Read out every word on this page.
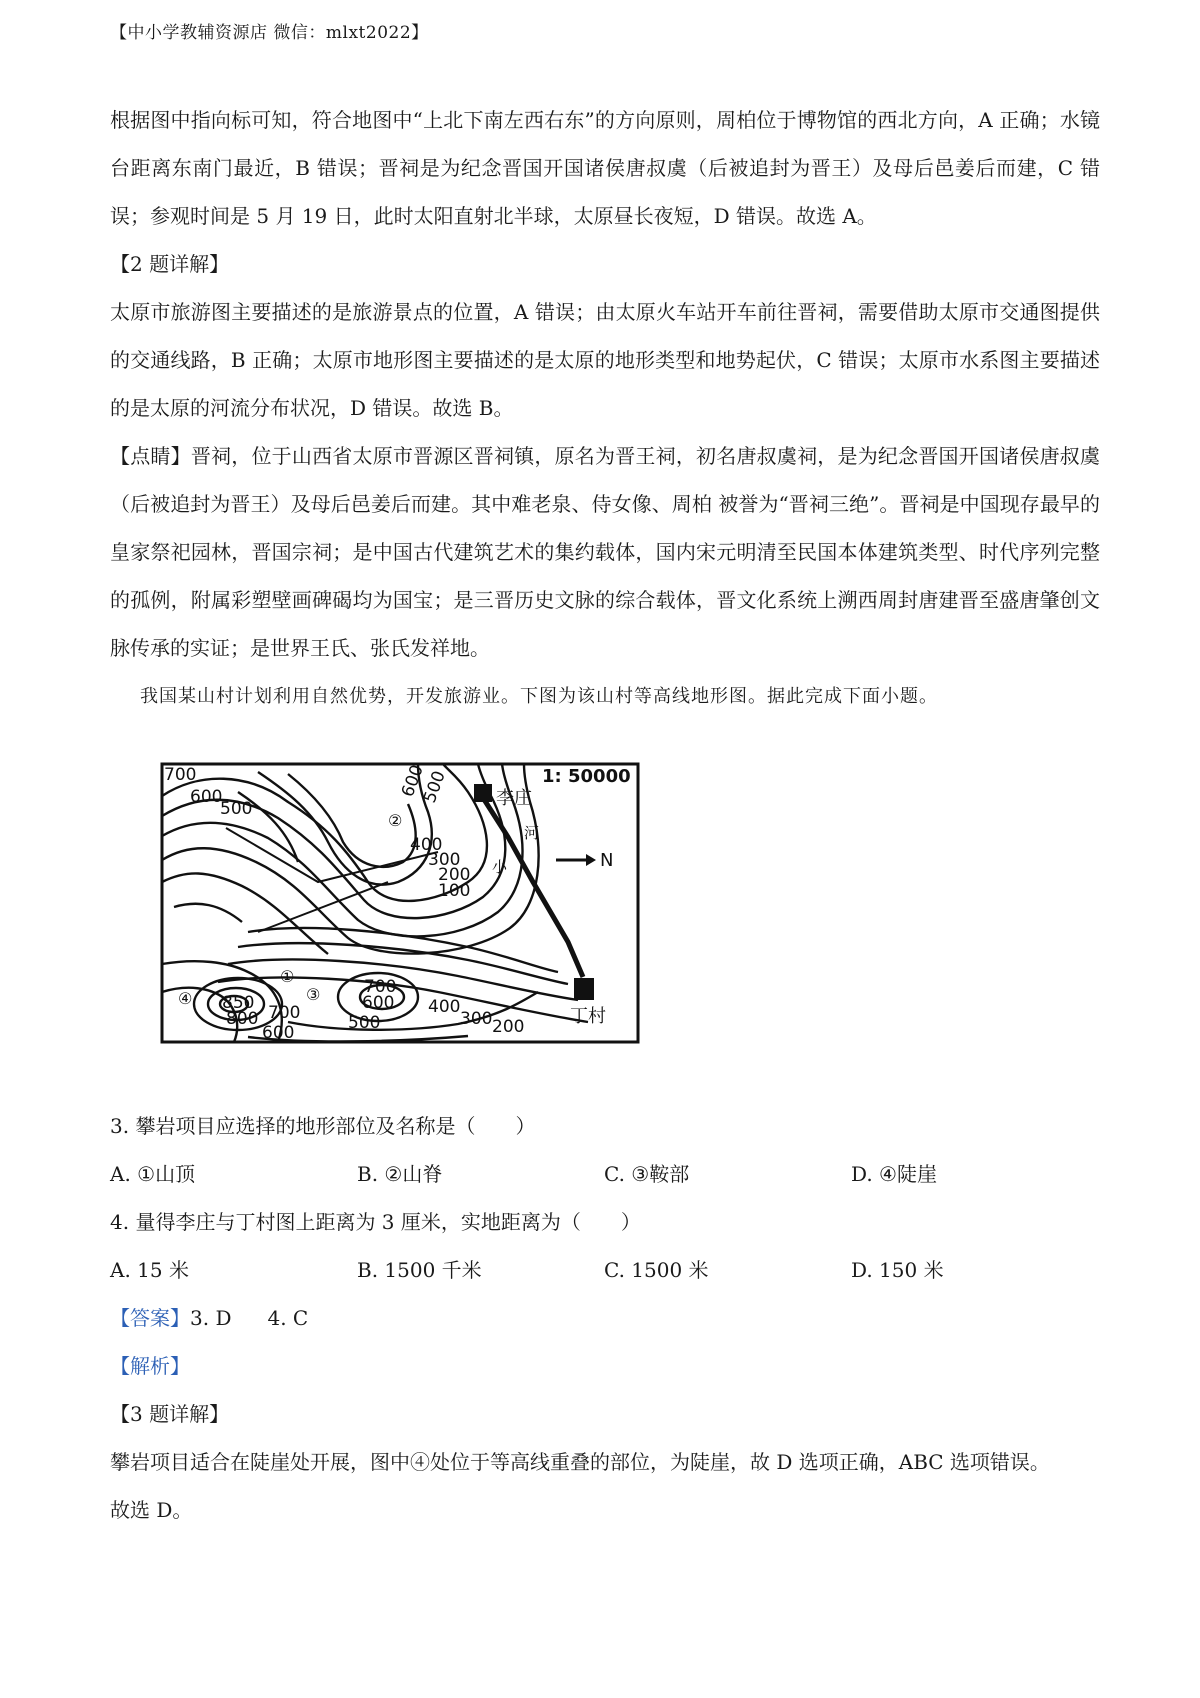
【中小学教辅资源店 微信：mlxt2022】

根据图中指向标可知，符合地图中“上北下南左西右东”的方向原则，周柏位于博物馆的西北方向，A 正确；水镜台距离东南门最近，B 错误；晋祠是为纪念晋国开国诸侯唐叔虞（后被追封为晋王）及母后邑姜后而建，C 错误；参观时间是 5 月 19 日，此时太阳直射北半球，太原昼长夜短，D 错误。故选 A。

【2 题详解】

太原市旅游图主要描述的是旅游景点的位置，A 错误；由太原火车站开车前往晋祠，需要借助太原市交通图提供的交通线路，B 正确；太原市地形图主要描述的是太原的地形类型和地势起伏，C 错误；太原市水系图主要描述的是太原的河流分布状况，D 错误。故选 B。

【点睛】晋祠，位于山西省太原市晋源区晋祠镇，原名为晋王祠，初名唐叔虞祠，是为纪念晋国开国诸侯唐叔虞（后被追封为晋王）及母后邑姜后而建。其中难老泉、侍女像、周柏 被誉为“晋祠三绝”。晋祠是中国现存最早的皇家祭祀园林，晋国宗祠；是中国古代建筑艺术的集约载体，国内宋元明清至民国本体建筑类型、时代序列完整的孤例，附属彩塑壁画碑碣均为国宝；是三晋历史文脉的综合载体，晋文化系统上溯西周封唐建晋至盛唐肇创文脉传承的实证；是世界王氏、张氏发祥地。

我国某山村计划利用自然优势，开发旅游业。下图为该山村等高线地形图。据此完成下面小题。

700
600
500
600
500
400
300
200
100
700
600
850
800 700
600	500
400
300 200
1: 50000
N
李庄
丁村
小
河
②
①
③
④

3. 攀岩项目应选择的地形部位及名称是（　　）

A. ①山顶	B. ②山脊	C. ③鞍部	D. ④陡崖

4. 量得李庄与丁村图上距离为 3 厘米，实地距离为（　　）

A. 15 米	B. 1500 千米	C. 1500 米	D. 150 米
【答案】3. D 4. C

【解析】

【3 题详解】

攀岩项目适合在陡崖处开展，图中④处位于等高线重叠的部位，为陡崖，故 D 选项正确，ABC 选项错误。

故选 D。
